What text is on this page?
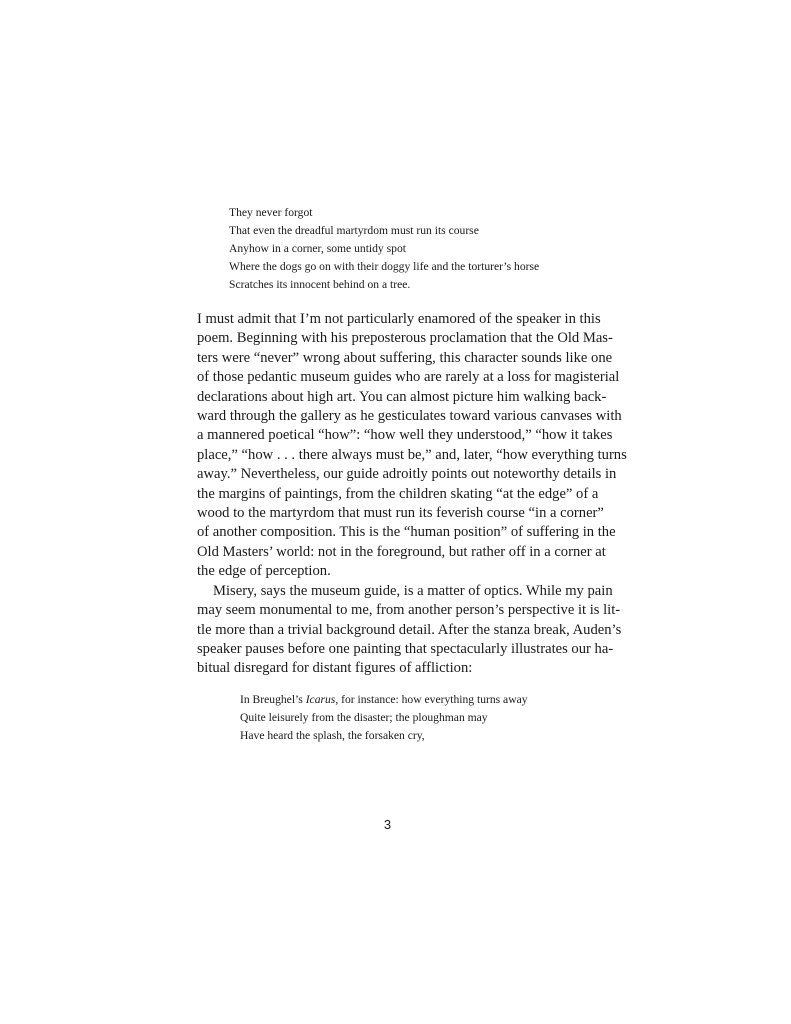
They never forgot
That even the dreadful martyrdom must run its course
Anyhow in a corner, some untidy spot
Where the dogs go on with their doggy life and the torturer’s horse
Scratches its innocent behind on a tree.
I must admit that I’m not particularly enamored of the speaker in this
poem. Beginning with his preposterous proclamation that the Old Mas-
ters were “never” wrong about suffering, this character sounds like one
of those pedantic museum guides who are rarely at a loss for magisterial
declarations about high art. You can almost picture him walking back-
ward through the gallery as he gesticulates toward various canvases with
a mannered poetical “how”: “how well they understood,” “how it takes
place,” “how . . . there always must be,” and, later, “how everything turns
away.” Nevertheless, our guide adroitly points out noteworthy details in
the margins of paintings, from the children skating “at the edge” of a
wood to the martyrdom that must run its feverish course “in a corner”
of another composition. This is the “human position” of suffering in the
Old Masters’ world: not in the foreground, but rather off in a corner at
the edge of perception.
Misery, says the museum guide, is a matter of optics. While my pain
may seem monumental to me, from another person’s perspective it is lit-
tle more than a trivial background detail. After the stanza break, Auden’s
speaker pauses before one painting that spectacularly illustrates our ha-
bitual disregard for distant figures of affliction:
In Breughel’s Icarus, for instance: how everything turns away
Quite leisurely from the disaster; the ploughman may
Have heard the splash, the forsaken cry,
3
